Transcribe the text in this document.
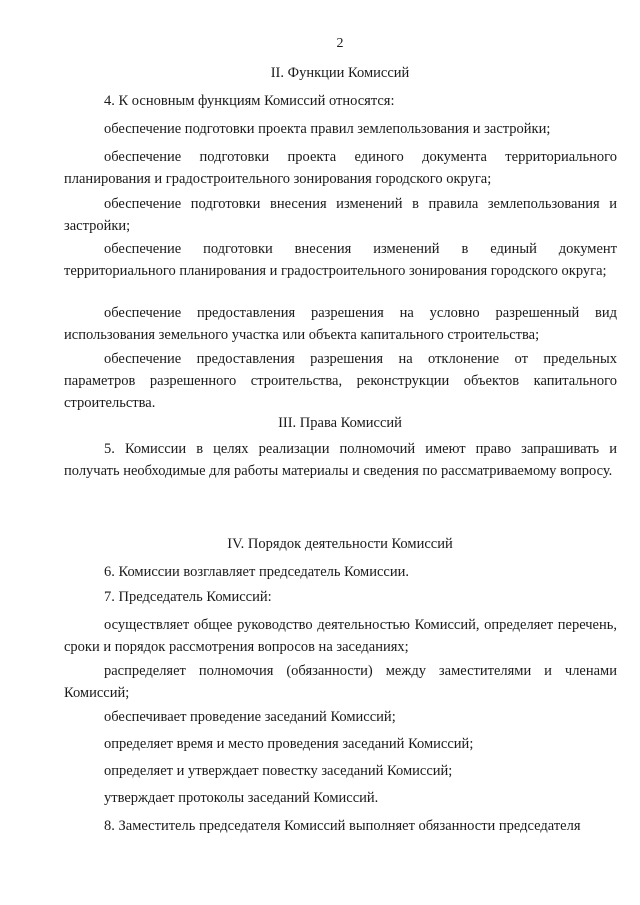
2
II. Функции Комиссий
4. К основным функциям Комиссий относятся:
обеспечение подготовки проекта правил землепользования и застройки;
обеспечение подготовки проекта единого документа территориального планирования и градостроительного зонирования городского округа;
обеспечение подготовки внесения изменений в правила землепользования и застройки;
обеспечение подготовки внесения изменений в единый документ территориального планирования и градостроительного зонирования городского округа;
обеспечение предоставления разрешения на условно разрешенный вид использования земельного участка или объекта капитального строительства;
обеспечение предоставления разрешения на отклонение от предельных параметров разрешенного строительства, реконструкции объектов капитального строительства.
III. Права Комиссий
5. Комиссии в целях реализации полномочий имеют право запрашивать и получать необходимые для работы материалы и сведения по рассматриваемому вопросу.
IV. Порядок деятельности Комиссий
6. Комиссии возглавляет председатель Комиссии.
7. Председатель Комиссий:
осуществляет общее руководство деятельностью Комиссий, определяет перечень, сроки и порядок рассмотрения вопросов на заседаниях;
распределяет полномочия (обязанности) между заместителями и членами Комиссий;
обеспечивает проведение заседаний Комиссий;
определяет время и место проведения заседаний Комиссий;
определяет и утверждает повестку заседаний Комиссий;
утверждает протоколы заседаний Комиссий.
8. Заместитель председателя Комиссий выполняет обязанности председателя
